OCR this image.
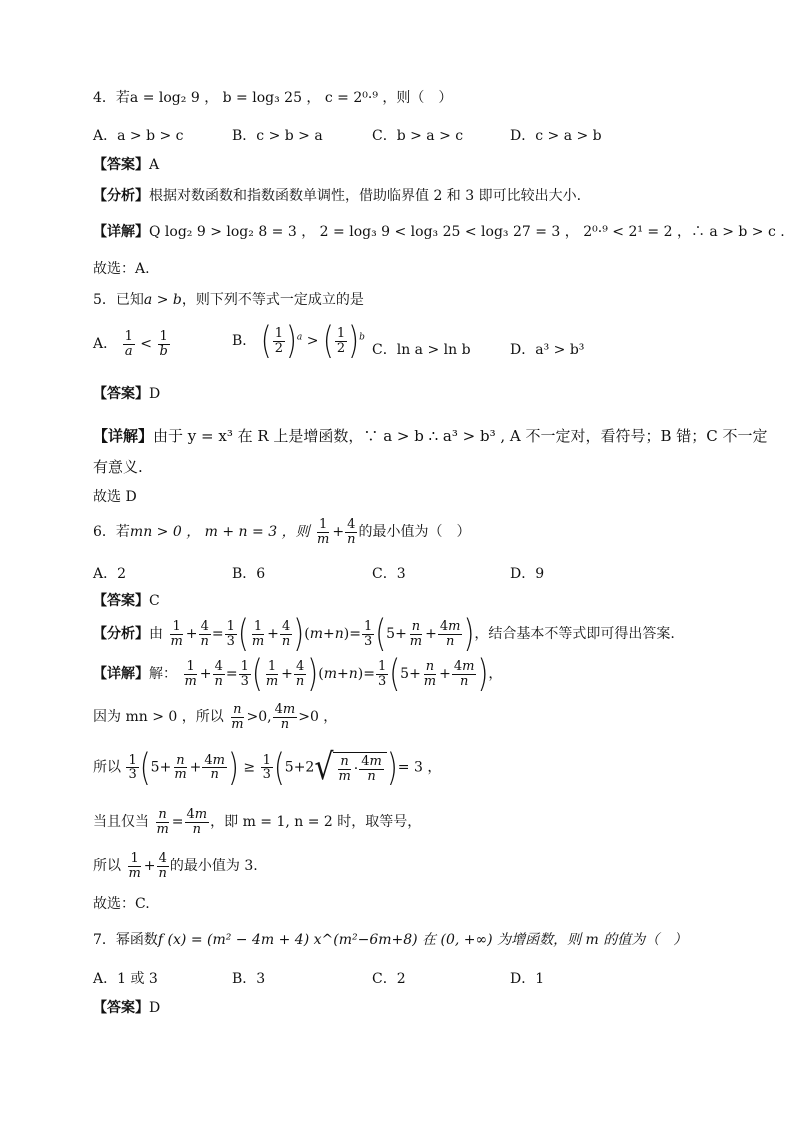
4．若a = log₂ 9 ， b = log₃ 25 ， c = 2⁰·⁹ ，则（　）
A．a > b > c	B．c > b > a	C．b > a > c	D．c > a > b
【答案】A
【分析】根据对数函数和指数函数单调性，借助临界值 2 和 3 即可比较出大小.
【详解】Q log₂ 9 > log₂ 8 = 3 ， 2 = log₃ 9 < log₃ 25 < log₃ 27 = 3 ， 2⁰·⁹ < 2¹ = 2 ，∴ a > b > c .
故选：A.
5．已知a > b，则下列不等式一定成立的是
A． $\frac{1}{a} < \frac{1}{b}$	B． ( $\frac{1}{2} )^a$ > ( $\frac{1}{2} )^b$
C．ln a > ln b	D．a³ > b³
【答案】D
【详解】由于 y = x³ 在 R 上是增函数，∵ a > b ∴ a³ > b³ , A 不一定对，看符号；B 错；C 不一定
有意义.
故选 D
6．若mn > 0 ， m + n = 3 ，则 $\frac{1}{m} + \frac{4}{n}$ 的最小值为（　）
A．2	B．6	C．3	D．9
【答案】C
【分析】由 $\frac{1}{m} + \frac{4}{n} = \frac{1}{3}$ ( $\frac{1}{m} + \frac{4}{n} )(m+n)= \frac{1}{3} (5+ \frac{n}{m} + \frac{4m}{n}$ )，结合基本不等式即可得出答案.
【详解】解： $\frac{1}{m} + \frac{4}{n} = \frac{1}{3}$ ( $\frac{1}{m} + \frac{4}{n} )(m+n)= \frac{1}{3} (5+ \frac{n}{m} + \frac{4m}{n}$ )，
因为 mn > 0 ，所以 $\frac{n}{m} >0$, $\frac{4m}{n} >0$ ，
所以 $\frac{1}{3} (5+ \frac{n}{m} + \frac{4m}{n}$ ) ≥ $\frac{1}{3} (5+2$ √ $\frac{n}{m} \cdot \frac{4m}{n}$ )= 3 ，
当且仅当 $\frac{n}{m} = \frac{4m}{n}$ ，即 m = 1, n = 2 时，取等号，
所以 $\frac{1}{m} + \frac{4}{n}$ 的最小值为 3.
故选：C.
7．幂函数f (x) = (m² − 4m + 4) x^(m²−6m+8) 在 (0, +∞) 为增函数，则 m 的值为（　）
A．1 或 3	B．3	C．2	D．1
【答案】D
